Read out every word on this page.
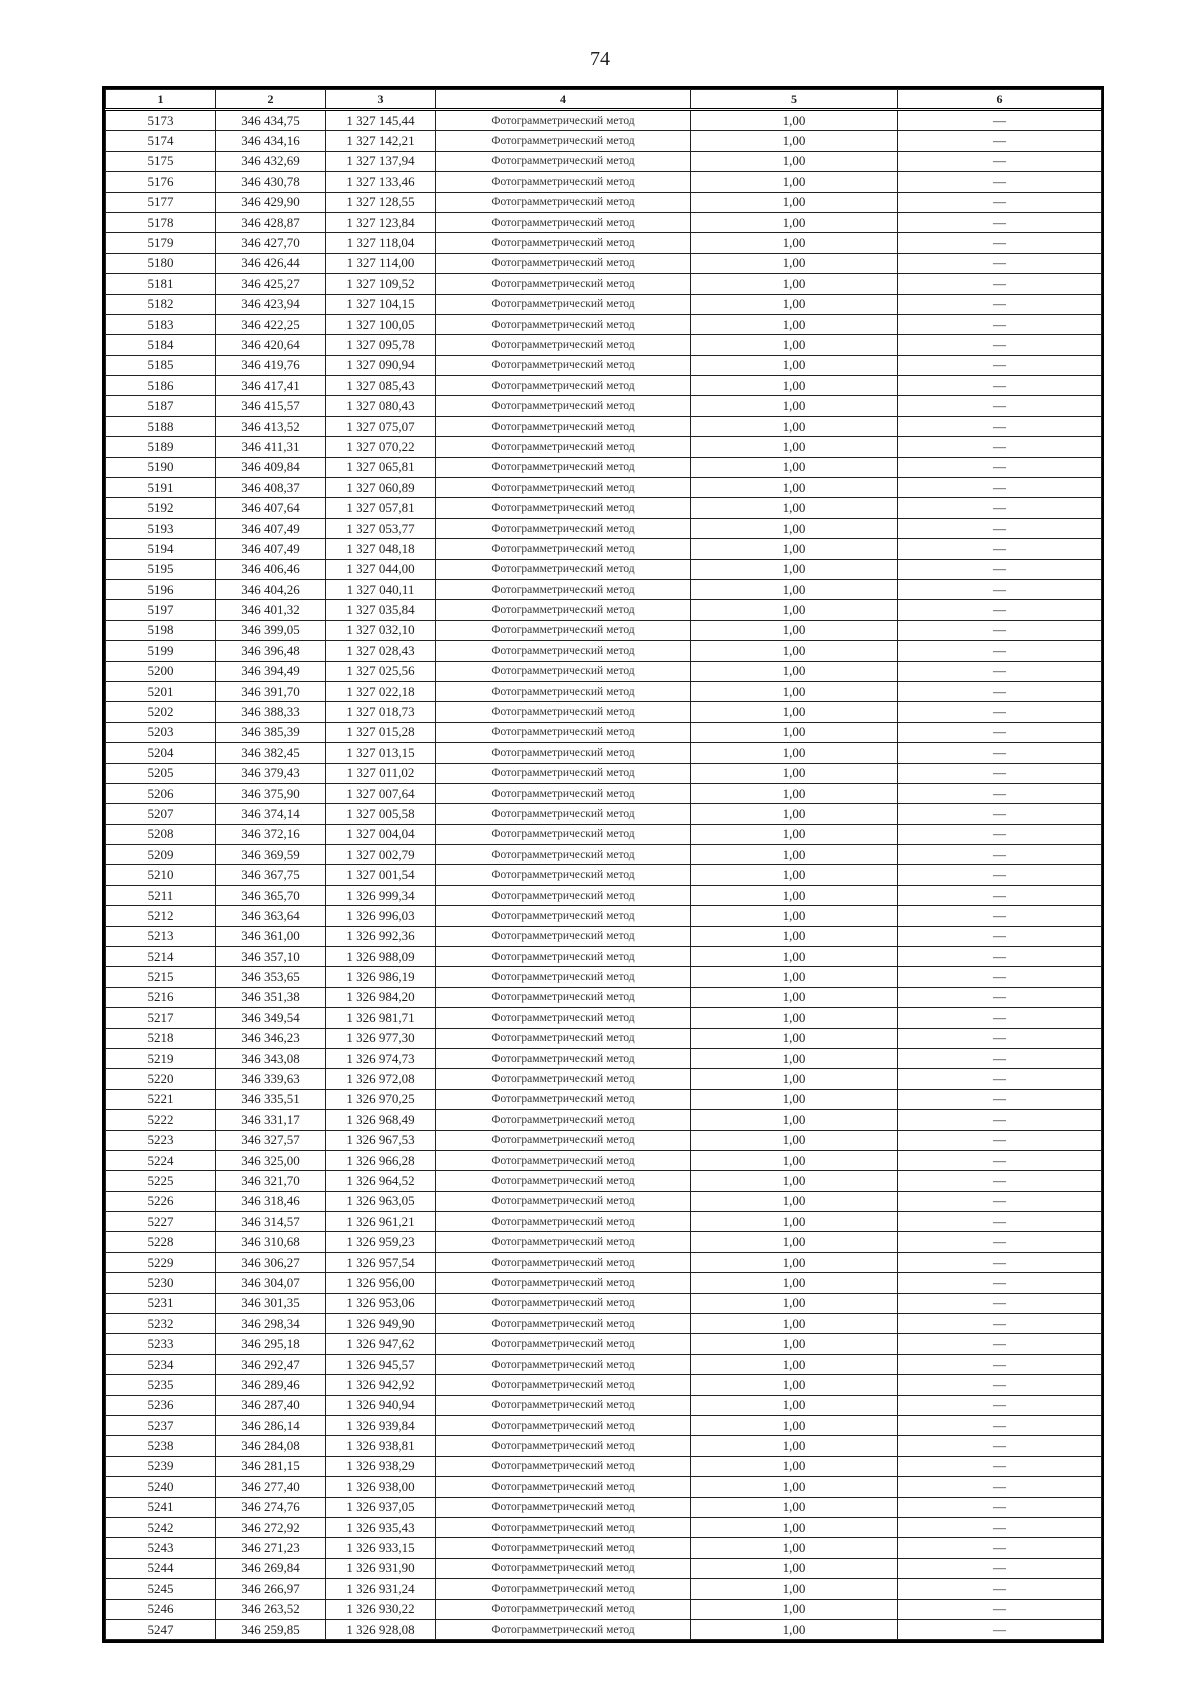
74
1	2	3	4	5	6
5173	346 434,75	1 327 145,44	Фотограмметрический метод	1,00	—
5174	346 434,16	1 327 142,21	Фотограмметрический метод	1,00	—
5175	346 432,69	1 327 137,94	Фотограмметрический метод	1,00	—
5176	346 430,78	1 327 133,46	Фотограмметрический метод	1,00	—
5177	346 429,90	1 327 128,55	Фотограмметрический метод	1,00	—
5178	346 428,87	1 327 123,84	Фотограмметрический метод	1,00	—
5179	346 427,70	1 327 118,04	Фотограмметрический метод	1,00	—
5180	346 426,44	1 327 114,00	Фотограмметрический метод	1,00	—
5181	346 425,27	1 327 109,52	Фотограмметрический метод	1,00	—
5182	346 423,94	1 327 104,15	Фотограмметрический метод	1,00	—
5183	346 422,25	1 327 100,05	Фотограмметрический метод	1,00	—
5184	346 420,64	1 327 095,78	Фотограмметрический метод	1,00	—
5185	346 419,76	1 327 090,94	Фотограмметрический метод	1,00	—
5186	346 417,41	1 327 085,43	Фотограмметрический метод	1,00	—
5187	346 415,57	1 327 080,43	Фотограмметрический метод	1,00	—
5188	346 413,52	1 327 075,07	Фотограмметрический метод	1,00	—
5189	346 411,31	1 327 070,22	Фотограмметрический метод	1,00	—
5190	346 409,84	1 327 065,81	Фотограмметрический метод	1,00	—
5191	346 408,37	1 327 060,89	Фотограмметрический метод	1,00	—
5192	346 407,64	1 327 057,81	Фотограмметрический метод	1,00	—
5193	346 407,49	1 327 053,77	Фотограмметрический метод	1,00	—
5194	346 407,49	1 327 048,18	Фотограмметрический метод	1,00	—
5195	346 406,46	1 327 044,00	Фотограмметрический метод	1,00	—
5196	346 404,26	1 327 040,11	Фотограмметрический метод	1,00	—
5197	346 401,32	1 327 035,84	Фотограмметрический метод	1,00	—
5198	346 399,05	1 327 032,10	Фотограмметрический метод	1,00	—
5199	346 396,48	1 327 028,43	Фотограмметрический метод	1,00	—
5200	346 394,49	1 327 025,56	Фотограмметрический метод	1,00	—
5201	346 391,70	1 327 022,18	Фотограмметрический метод	1,00	—
5202	346 388,33	1 327 018,73	Фотограмметрический метод	1,00	—
5203	346 385,39	1 327 015,28	Фотограмметрический метод	1,00	—
5204	346 382,45	1 327 013,15	Фотограмметрический метод	1,00	—
5205	346 379,43	1 327 011,02	Фотограмметрический метод	1,00	—
5206	346 375,90	1 327 007,64	Фотограмметрический метод	1,00	—
5207	346 374,14	1 327 005,58	Фотограмметрический метод	1,00	—
5208	346 372,16	1 327 004,04	Фотограмметрический метод	1,00	—
5209	346 369,59	1 327 002,79	Фотограмметрический метод	1,00	—
5210	346 367,75	1 327 001,54	Фотограмметрический метод	1,00	—
5211	346 365,70	1 326 999,34	Фотограмметрический метод	1,00	—
5212	346 363,64	1 326 996,03	Фотограмметрический метод	1,00	—
5213	346 361,00	1 326 992,36	Фотограмметрический метод	1,00	—
5214	346 357,10	1 326 988,09	Фотограмметрический метод	1,00	—
5215	346 353,65	1 326 986,19	Фотограмметрический метод	1,00	—
5216	346 351,38	1 326 984,20	Фотограмметрический метод	1,00	—
5217	346 349,54	1 326 981,71	Фотограмметрический метод	1,00	—
5218	346 346,23	1 326 977,30	Фотограмметрический метод	1,00	—
5219	346 343,08	1 326 974,73	Фотограмметрический метод	1,00	—
5220	346 339,63	1 326 972,08	Фотограмметрический метод	1,00	—
5221	346 335,51	1 326 970,25	Фотограмметрический метод	1,00	—
5222	346 331,17	1 326 968,49	Фотограмметрический метод	1,00	—
5223	346 327,57	1 326 967,53	Фотограмметрический метод	1,00	—
5224	346 325,00	1 326 966,28	Фотограмметрический метод	1,00	—
5225	346 321,70	1 326 964,52	Фотограмметрический метод	1,00	—
5226	346 318,46	1 326 963,05	Фотограмметрический метод	1,00	—
5227	346 314,57	1 326 961,21	Фотограмметрический метод	1,00	—
5228	346 310,68	1 326 959,23	Фотограмметрический метод	1,00	—
5229	346 306,27	1 326 957,54	Фотограмметрический метод	1,00	—
5230	346 304,07	1 326 956,00	Фотограмметрический метод	1,00	—
5231	346 301,35	1 326 953,06	Фотограмметрический метод	1,00	—
5232	346 298,34	1 326 949,90	Фотограмметрический метод	1,00	—
5233	346 295,18	1 326 947,62	Фотограмметрический метод	1,00	—
5234	346 292,47	1 326 945,57	Фотограмметрический метод	1,00	—
5235	346 289,46	1 326 942,92	Фотограмметрический метод	1,00	—
5236	346 287,40	1 326 940,94	Фотограмметрический метод	1,00	—
5237	346 286,14	1 326 939,84	Фотограмметрический метод	1,00	—
5238	346 284,08	1 326 938,81	Фотограмметрический метод	1,00	—
5239	346 281,15	1 326 938,29	Фотограмметрический метод	1,00	—
5240	346 277,40	1 326 938,00	Фотограмметрический метод	1,00	—
5241	346 274,76	1 326 937,05	Фотограмметрический метод	1,00	—
5242	346 272,92	1 326 935,43	Фотограмметрический метод	1,00	—
5243	346 271,23	1 326 933,15	Фотограмметрический метод	1,00	—
5244	346 269,84	1 326 931,90	Фотограмметрический метод	1,00	—
5245	346 266,97	1 326 931,24	Фотограмметрический метод	1,00	—
5246	346 263,52	1 326 930,22	Фотограмметрический метод	1,00	—
5247	346 259,85	1 326 928,08	Фотограмметрический метод	1,00	—
